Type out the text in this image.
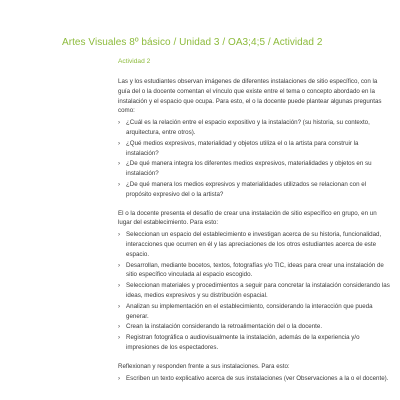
Artes Visuales 8º básico / Unidad 3 / OA3;4;5 / Actividad 2
Actividad 2

Las y los estudiantes observan imágenes de diferentes instalaciones de sitio específico, con la guía del o la docente comentan el vínculo que existe entre el tema o concepto abordado en la instalación y el espacio que ocupa. Para esto, el o la docente puede plantear algunas preguntas como:

› ¿Cuál es la relación entre el espacio expositivo y la instalación? (su historia, su contexto, arquitectura, entre otros).
› ¿Qué medios expresivos, materialidad y objetos utiliza el o la artista para construir la instalación?
› ¿De qué manera integra los diferentes medios expresivos, materialidades y objetos en su instalación?
› ¿De qué manera los medios expresivos y materialidades utilizados se relacionan con el propósito expresivo del o la artista?

El o la docente presenta el desafío de crear una instalación de sitio específico en grupo, en un lugar del establecimiento. Para esto:

› Seleccionan un espacio del establecimiento e investigan acerca de su historia, funcionalidad, interacciones que ocurren en él y las apreciaciones de los otros estudiantes acerca de este espacio.
› Desarrollan, mediante bocetos, textos, fotografías y/o TIC, ideas para crear una instalación de sitio específico vinculada al espacio escogido.
› Seleccionan materiales y procedimientos a seguir para concretar la instalación considerando las ideas, medios expresivos y su distribución espacial.
› Analizan su implementación en el establecimiento, considerando la interacción que pueda generar.
› Crean la instalación considerando la retroalimentación del o la docente.
› Registran fotográfica o audiovisualmente la instalación, además de la experiencia y/o impresiones de los espectadores.

Reflexionan y responden frente a sus instalaciones. Para esto:

› Escriben un texto explicativo acerca de sus instalaciones (ver Observaciones a la o el docente).
